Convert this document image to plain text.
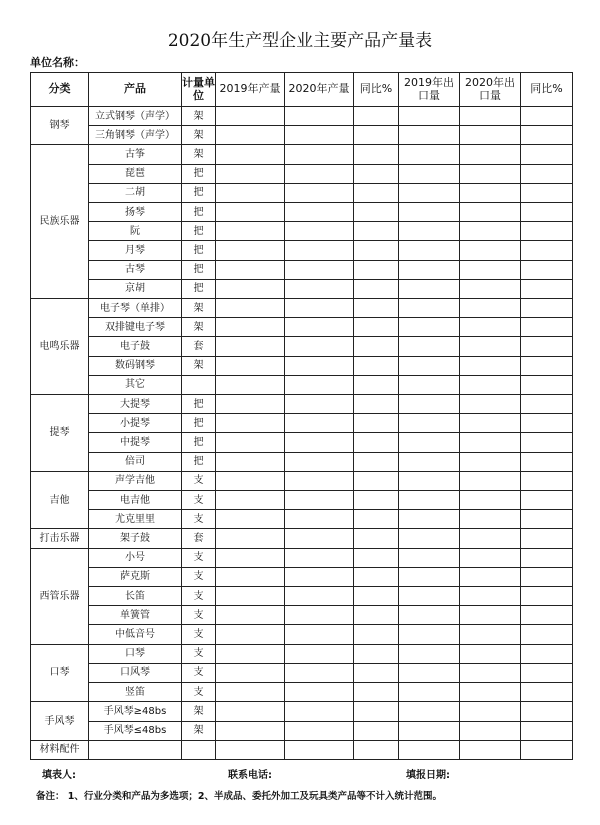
2020年生产型企业主要产品产量表
单位名称：
分类	产品	计量单位	2019年产量	2020年产量	同比%	2019年出口量	2020年出口量	同比%
钢琴	立式钢琴（声学）	架						
	三角钢琴（声学）	架						
民族乐器	古筝	架						
	琵琶	把						
	二胡	把						
	扬琴	把						
	阮	把						
	月琴	把						
	古琴	把						
	京胡	把						
电鸣乐器	电子琴（单排）	架						
	双排键电子琴	架						
	电子鼓	套						
	数码钢琴	架						
	其它							
提琴	大提琴	把						
	小提琴	把						
	中提琴	把						
	倍司	把						
吉他	声学吉他	支						
	电吉他	支						
	尤克里里	支						
打击乐器	架子鼓	套						
西管乐器	小号	支						
	萨克斯	支						
	长笛	支						
	单簧管	支						
	中低音号	支						
口琴	口琴	支						
	口风琴	支						
	竖笛	支						
手风琴	手风琴≥48bs	架						
	手风琴≤48bs	架						
材料配件								
填表人:	联系电话:	填报日期:
备注： 1、行业分类和产品为多选项；2、半成品、委托外加工及玩具类产品等不计入统计范围。
